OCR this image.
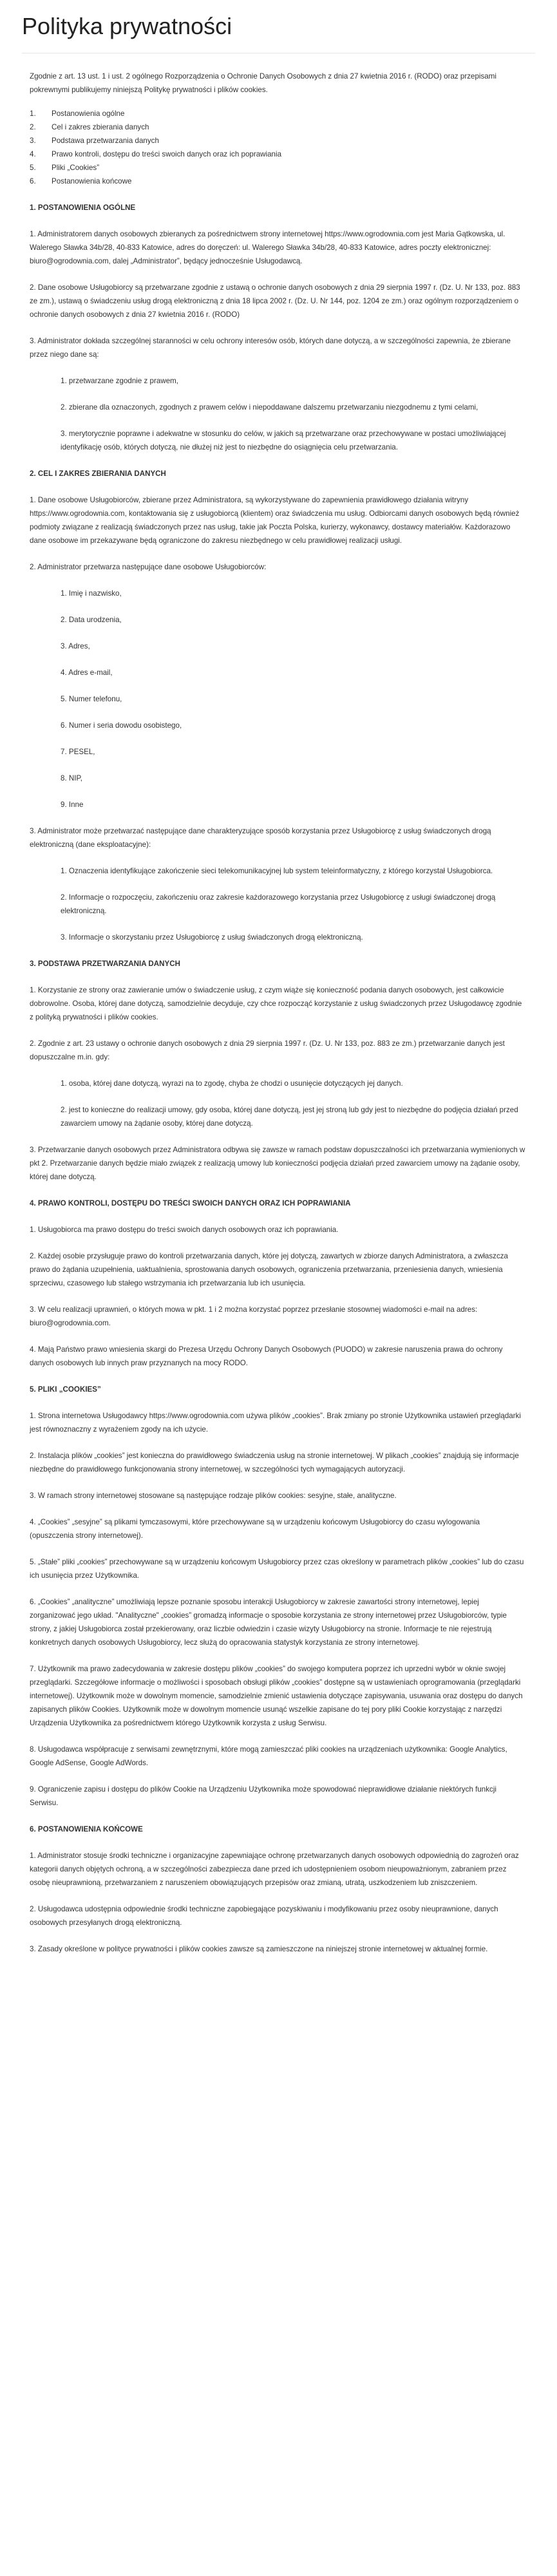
Polityka prywatności

Zgodnie z art. 13 ust. 1 i ust. 2 ogólnego Rozporządzenia o Ochronie Danych Osobowych z dnia 27 kwietnia 2016 r. (RODO) oraz przepisami pokrewnymi publikujemy niniejszą Politykę prywatności i plików cookies.

1.	Postanowienia ogólne
2.	Cel i zakres zbierania danych
3.	Podstawa przetwarzania danych
4.	Prawo kontroli, dostępu do treści swoich danych oraz ich poprawiania
5.	Pliki „Cookies”
6.	Postanowienia końcowe

1. POSTANOWIENIA OGÓLNE

1. Administratorem danych osobowych zbieranych za pośrednictwem strony internetowej https://www.ogrodownia.com jest Maria Gątkowska, ul. Walerego Sławka 34b/28, 40-833 Katowice, adres do doręczeń: ul. Walerego Sławka 34b/28, 40-833 Katowice, adres poczty elektronicznej: biuro@ogrodownia.com, dalej „Administrator”, będący jednocześnie Usługodawcą.

2. Dane osobowe Usługobiorcy są przetwarzane zgodnie z ustawą o ochronie danych osobowych z dnia 29 sierpnia 1997 r. (Dz. U. Nr 133, poz. 883 ze zm.), ustawą o świadczeniu usług drogą elektroniczną z dnia 18 lipca 2002 r. (Dz. U. Nr 144, poz. 1204 ze zm.) oraz ogólnym rozporządzeniem o ochronie danych osobowych z dnia 27 kwietnia 2016 r. (RODO)

3. Administrator dokłada szczególnej staranności w celu ochrony interesów osób, których dane dotyczą, a w szczególności zapewnia, że zbierane przez niego dane są:

1. przetwarzane zgodnie z prawem,

2. zbierane dla oznaczonych, zgodnych z prawem celów i niepoddawane dalszemu przetwarzaniu niezgodnemu z tymi celami,

3. merytorycznie poprawne i adekwatne w stosunku do celów, w jakich są przetwarzane oraz przechowywane w postaci umożliwiającej identyfikację osób, których dotyczą, nie dłużej niż jest to niezbędne do osiągnięcia celu przetwarzania.

2. CEL I ZAKRES ZBIERANIA DANYCH

1. Dane osobowe Usługobiorców, zbierane przez Administratora, są wykorzystywane do zapewnienia prawidłowego działania witryny https://www.ogrodownia.com, kontaktowania się z usługobiorcą (klientem) oraz świadczenia mu usług. Odbiorcami danych osobowych będą również podmioty związane z realizacją świadczonych przez nas usług, takie jak Poczta Polska, kurierzy, wykonawcy, dostawcy materiałów. Każdorazowo dane osobowe im przekazywane będą ograniczone do zakresu niezbędnego w celu prawidłowej realizacji usługi.

2. Administrator przetwarza następujące dane osobowe Usługobiorców:

1. Imię i nazwisko,

2. Data urodzenia,

3. Adres,

4. Adres e-mail,

5. Numer telefonu,

6. Numer i seria dowodu osobistego,

7. PESEL,

8. NIP,

9. Inne

3. Administrator może przetwarzać następujące dane charakteryzujące sposób korzystania przez Usługobiorcę z usług świadczonych drogą elektroniczną (dane eksploatacyjne):

1. Oznaczenia identyfikujące zakończenie sieci telekomunikacyjnej lub system teleinformatyczny, z którego korzystał Usługobiorca.

2. Informacje o rozpoczęciu, zakończeniu oraz zakresie każdorazowego korzystania przez Usługobiorcę z usługi świadczonej drogą elektroniczną.

3. Informacje o skorzystaniu przez Usługobiorcę z usług świadczonych drogą elektroniczną.

3. PODSTAWA PRZETWARZANIA DANYCH

1. Korzystanie ze strony oraz zawieranie umów o świadczenie usług, z czym wiąże się konieczność podania danych osobowych, jest całkowicie dobrowolne. Osoba, której dane dotyczą, samodzielnie decyduje, czy chce rozpocząć korzystanie z usług świadczonych przez Usługodawcę zgodnie z polityką prywatności i plików cookies.

2. Zgodnie z art. 23 ustawy o ochronie danych osobowych z dnia 29 sierpnia 1997 r. (Dz. U. Nr 133, poz. 883 ze zm.) przetwarzanie danych jest dopuszczalne m.in. gdy:

1. osoba, której dane dotyczą, wyrazi na to zgodę, chyba że chodzi o usunięcie dotyczących jej danych.

2. jest to konieczne do realizacji umowy, gdy osoba, której dane dotyczą, jest jej stroną lub gdy jest to niezbędne do podjęcia działań przed zawarciem umowy na żądanie osoby, której dane dotyczą.

3. Przetwarzanie danych osobowych przez Administratora odbywa się zawsze w ramach podstaw dopuszczalności ich przetwarzania wymienionych w pkt 2. Przetwarzanie danych będzie miało związek z realizacją umowy lub konieczności podjęcia działań przed zawarciem umowy na żądanie osoby, której dane dotyczą.

4. PRAWO KONTROLI, DOSTĘPU DO TREŚCI SWOICH DANYCH ORAZ ICH POPRAWIANIA

1. Usługobiorca ma prawo dostępu do treści swoich danych osobowych oraz ich poprawiania.

2. Każdej osobie przysługuje prawo do kontroli przetwarzania danych, które jej dotyczą, zawartych w zbiorze danych Administratora, a zwłaszcza prawo do żądania uzupełnienia, uaktualnienia, sprostowania danych osobowych, ograniczenia przetwarzania, przeniesienia danych, wniesienia sprzeciwu, czasowego lub stałego wstrzymania ich przetwarzania lub ich usunięcia.

3. W celu realizacji uprawnień, o których mowa w pkt. 1 i 2 można korzystać poprzez przesłanie stosownej wiadomości e-mail na adres: biuro@ogrodownia.com.

4. Mają Państwo prawo wniesienia skargi do Prezesa Urzędu Ochrony Danych Osobowych (PUODO) w zakresie naruszenia prawa do ochrony danych osobowych lub innych praw przyznanych na mocy RODO.

5. PLIKI „COOKIES”

1. Strona internetowa Usługodawcy https://www.ogrodownia.com używa plików „cookies”. Brak zmiany po stronie Użytkownika ustawień przeglądarki jest równoznaczny z wyrażeniem zgody na ich użycie.

2. Instalacja plików „cookies” jest konieczna do prawidłowego świadczenia usług na stronie internetowej. W plikach „cookies” znajdują się informacje niezbędne do prawidłowego funkcjonowania strony internetowej, w szczególności tych wymagających autoryzacji.

3. W ramach strony internetowej stosowane są następujące rodzaje plików cookies: sesyjne, stałe, analityczne.

4. „Cookies” „sesyjne” są plikami tymczasowymi, które przechowywane są w urządzeniu końcowym Usługobiorcy do czasu wylogowania (opuszczenia strony internetowej).

5. „Stałe” pliki „cookies” przechowywane są w urządzeniu końcowym Usługobiorcy przez czas określony w parametrach plików „cookies” lub do czasu ich usunięcia przez Użytkownika.

6. „Cookies” „analityczne” umożliwiają lepsze poznanie sposobu interakcji Usługobiorcy w zakresie zawartości strony internetowej, lepiej zorganizować jego układ. "Analityczne" „cookies” gromadzą informacje o sposobie korzystania ze strony internetowej przez Usługobiorców, typie strony, z jakiej Usługobiorca został przekierowany, oraz liczbie odwiedzin i czasie wizyty Usługobiorcy na stronie. Informacje te nie rejestrują konkretnych danych osobowych Usługobiorcy, lecz służą do opracowania statystyk korzystania ze strony internetowej.

7. Użytkownik ma prawo zadecydowania w zakresie dostępu plików „cookies” do swojego komputera poprzez ich uprzedni wybór w oknie swojej przeglądarki. Szczegółowe informacje o możliwości i sposobach obsługi plików „cookies” dostępne są w ustawieniach oprogramowania (przeglądarki internetowej). Użytkownik może w dowolnym momencie, samodzielnie zmienić ustawienia dotyczące zapisywania, usuwania oraz dostępu do danych zapisanych plików Cookies. Użytkownik może w dowolnym momencie usunąć wszelkie zapisane do tej pory pliki Cookie korzystając z narzędzi Urządzenia Użytkownika za pośrednictwem którego Użytkownik korzysta z usług Serwisu.

8. Usługodawca współpracuje z serwisami zewnętrznymi, które mogą zamieszczać pliki cookies na urządzeniach użytkownika: Google Analytics, Google AdSense, Google AdWords.

9. Ograniczenie zapisu i dostępu do plików Cookie na Urządzeniu Użytkownika może spowodować nieprawidłowe działanie niektórych funkcji Serwisu.

6. POSTANOWIENIA KOŃCOWE

1. Administrator stosuje środki techniczne i organizacyjne zapewniające ochronę przetwarzanych danych osobowych odpowiednią do zagrożeń oraz kategorii danych objętych ochroną, a w szczególności zabezpiecza dane przed ich udostępnieniem osobom nieupoważnionym, zabraniem przez osobę nieuprawnioną, przetwarzaniem z naruszeniem obowiązujących przepisów oraz zmianą, utratą, uszkodzeniem lub zniszczeniem.

2. Usługodawca udostępnia odpowiednie środki techniczne zapobiegające pozyskiwaniu i modyfikowaniu przez osoby nieuprawnione, danych osobowych przesyłanych drogą elektroniczną.

3. Zasady określone w polityce prywatności i plików cookies zawsze są zamieszczone na niniejszej stronie internetowej w aktualnej formie.
